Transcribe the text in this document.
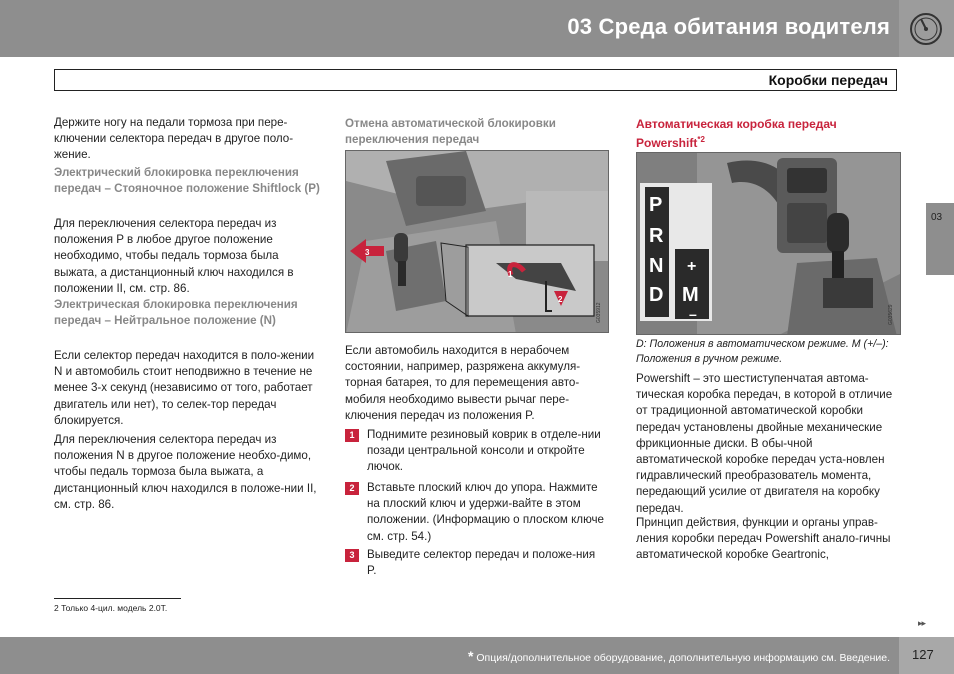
03 Среда обитания водителя
Коробки передач
03

Держите ногу на педали тормоза при пере-ключении селектора передач в другое поло-жение.

Электрический блокировка переключения передач – Стояночное положение Shiftlock (P)

Для переключения селектора передач из положения P в любое другое положение необходимо, чтобы педаль тормоза была выжата, а дистанционный ключ находился в положении II, см. стр. 86.

Электрическая блокировка переключения передач – Нейтральное положение (N)

Если селектор передач находится в поло-жении N и автомобиль стоит неподвижно в течение не менее 3-х секунд (независимо от того, работает двигатель или нет), то селек-тор передач блокируется.

Для переключения селектора передач из положения N в другое положение необхо-димо, чтобы педаль тормоза была выжата, а дистанционный ключ находился в положе-нии II, см. стр. 86.

Отмена автоматической блокировки переключения передач

1
2
3
G035912

Если автомобиль находится в нерабочем состоянии, например, разряжена аккумуля-торная батарея, то для перемещения авто-мобиля необходимо вывести рычаг пере-ключения передач из положения P.

1	Поднимите резиновый коврик в отделе-нии позади центральной консоли и откройте лючок.

2	Вставьте плоский ключ до упора. Нажмите на плоский ключ и удержи-вайте в этом положении. (Информацию о плоском ключе см. стр. 54.)

3	Выведите селектор передач и положе-ния P.

Автоматическая коробка передач Powershift$^{*2}$

P
R
N
D
+
M
–	G035629

D: Положения в автоматическом режиме. M (+/–): Положения в ручном режиме.

Powershift – это шестиступенчатая автома-тическая коробка передач, в которой в отличие от традиционной автоматической коробки передач установлены двойные механические фрикционные диски. В обы-чной автоматической коробке передач уста-новлен гидравлический преобразователь момента, передающий усилие от двигателя на коробку передач.

Принцип действия, функции и органы управ-ления коробки передач Powershift анало-гичны автоматической коробке Geartronic,

2 Только 4-цил. модель 2.0T.
▸▸
* Опция/дополнительное оборудование, дополнительную информацию см. Введение. 127
